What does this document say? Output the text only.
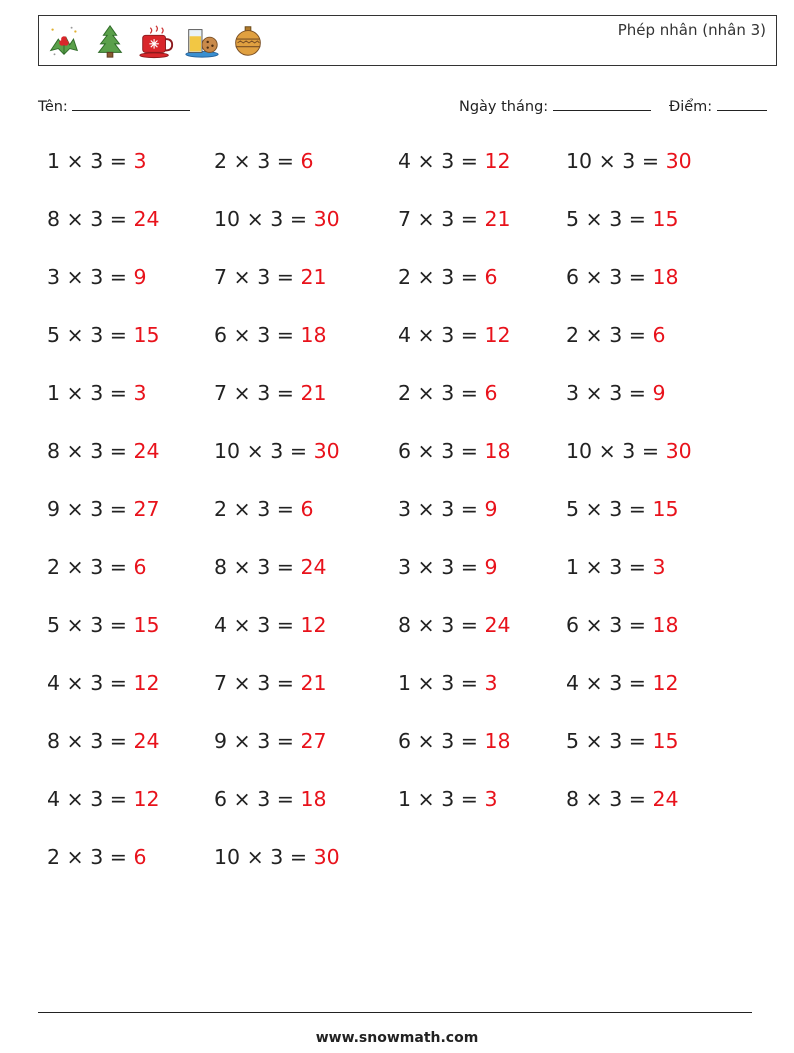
Phép nhân (nhân 3)
Tên:	Ngày tháng:	Điểm:
1 × 3 = 3
8 × 3 = 24
3 × 3 = 9
5 × 3 = 15
1 × 3 = 3
8 × 3 = 24
9 × 3 = 27
2 × 3 = 6
5 × 3 = 15
4 × 3 = 12
8 × 3 = 24
4 × 3 = 12
2 × 3 = 6
2 × 3 = 6
10 × 3 = 30
7 × 3 = 21
6 × 3 = 18
7 × 3 = 21
10 × 3 = 30
2 × 3 = 6
8 × 3 = 24
4 × 3 = 12
7 × 3 = 21
9 × 3 = 27
6 × 3 = 18
10 × 3 = 30
4 × 3 = 12
7 × 3 = 21
2 × 3 = 6
4 × 3 = 12
2 × 3 = 6
6 × 3 = 18
3 × 3 = 9
3 × 3 = 9
8 × 3 = 24
1 × 3 = 3
6 × 3 = 18
1 × 3 = 3
10 × 3 = 30
5 × 3 = 15
6 × 3 = 18
2 × 3 = 6
3 × 3 = 9
10 × 3 = 30
5 × 3 = 15
1 × 3 = 3
6 × 3 = 18
4 × 3 = 12
5 × 3 = 15
8 × 3 = 24
www.snowmath.com
